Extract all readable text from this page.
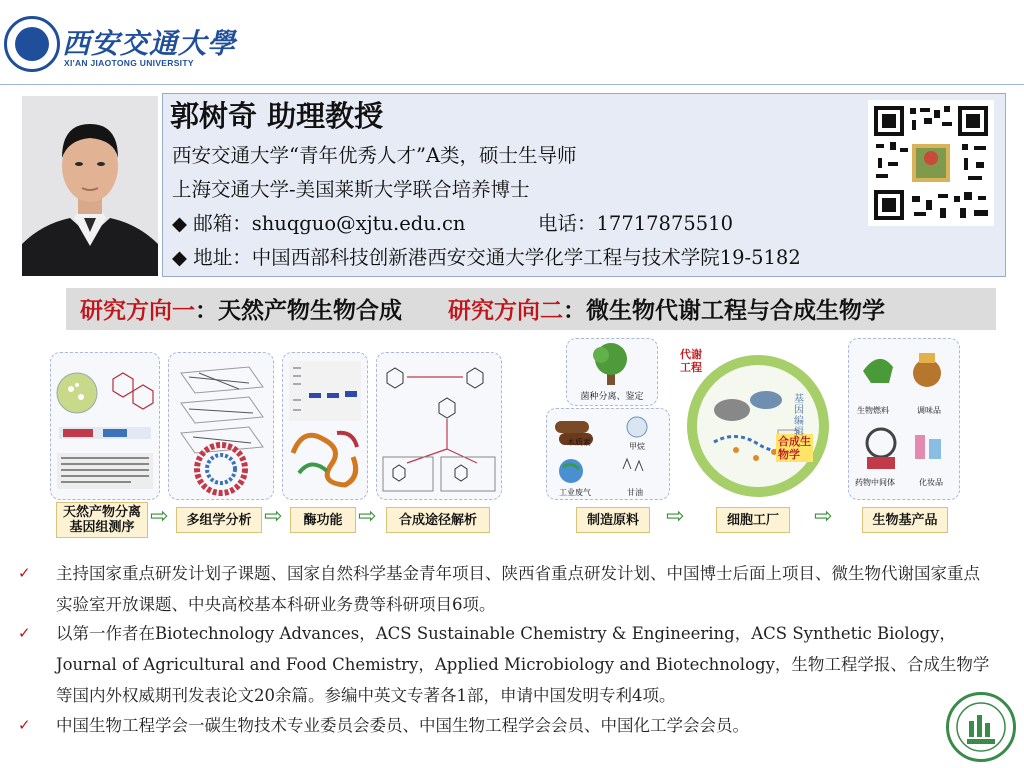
西安交通大學
XI'AN JIAOTONG UNIVERSITY
郭树奇 助理教授
西安交通大学“青年优秀人才”A类，硕士生导师
上海交通大学-美国莱斯大学联合培养博士
◆ 邮箱：shuqguo@xjtu.edu.cn	电话：17717875510
◆ 地址：中国西部科技创新港西安交通大学化学工程与技术学院19-5182
研究方向一：天然产物生物合成 研究方向二：微生物代谢工程与合成生物学
天然产物分离
基因组测序 ⇨	多组学分析 ⇨	酶功能 ⇨	合成途径解析
菌种分离、鉴定
木质素	甲烷
工业废气	甘油
代谢
工程
合成生
物学
基
因
编
辑
生物燃料	调味品
药物中间体	化妆品
制造原料	⇨	细胞工厂	⇨	生物基产品
✓ 主持国家重点研发计划子课题、国家自然科学基金青年项目、陕西省重点研发计划、中国博士后面上项目、微生物代谢国家重点实验室开放课题、中央高校基本科研业务费等科研项目6项。
✓ 以第一作者在Biotechnology Advances，ACS Sustainable Chemistry & Engineering，ACS Synthetic Biology，Journal of Agricultural and Food Chemistry，Applied Microbiology and Biotechnology，生物工程学报、合成生物学等国内外权威期刊发表论文20余篇。参编中英文专著各1部，申请中国发明专利4项。
✓ 中国生物工程学会一碳生物技术专业委员会委员、中国生物工程学会会员、中国化工学会会员。
